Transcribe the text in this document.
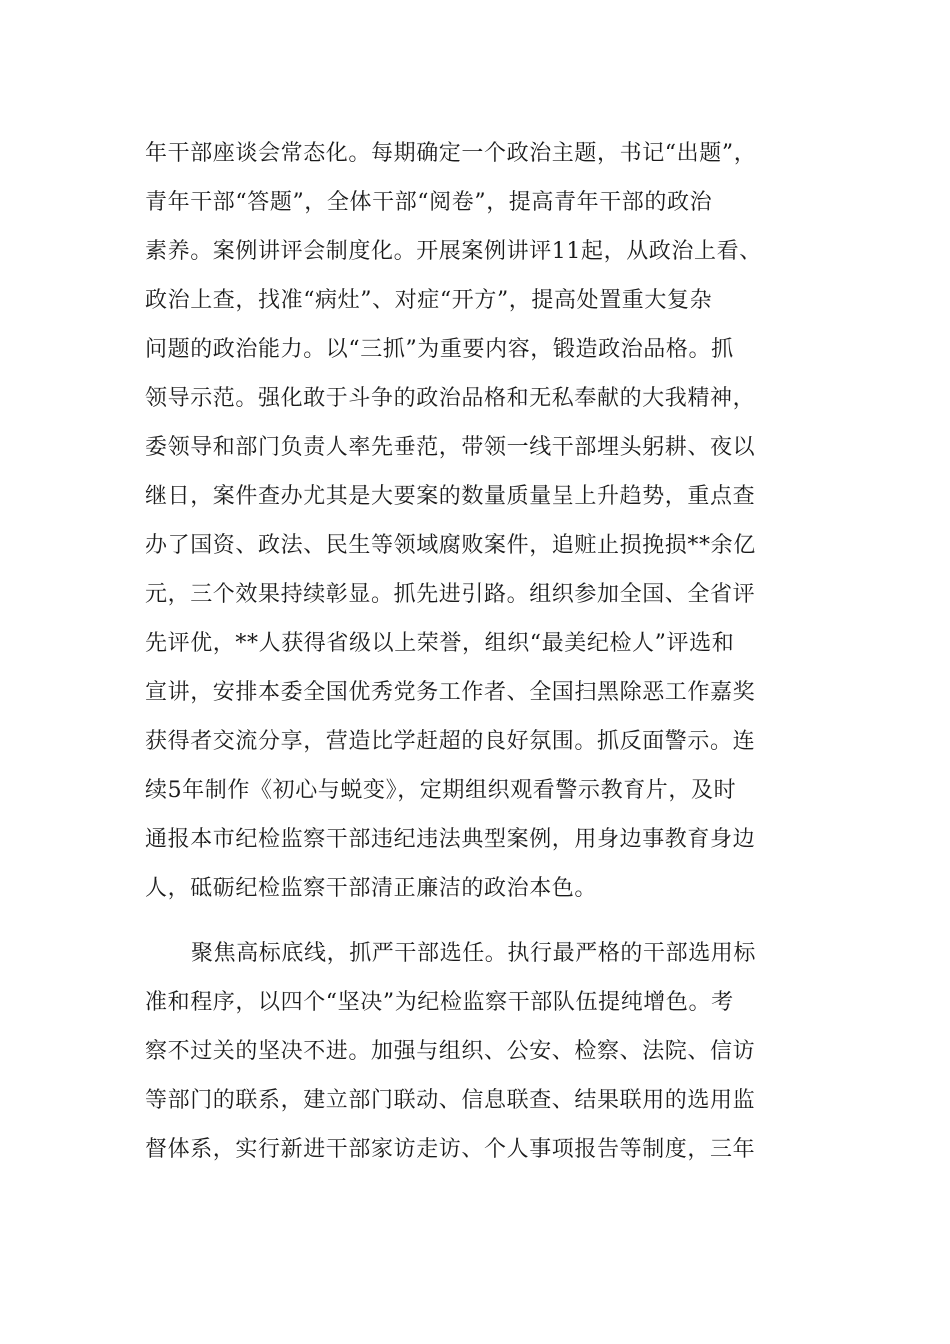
年干部座谈会常态化。每期确定一个政治主题，书记“出题”，
青年干部“答题”，全体干部“阅卷”，提高青年干部的政治
素养。案例讲评会制度化。开展案例讲评11起，从政治上看、
政治上查，找准“病灶”、对症“开方”，提高处置重大复杂
问题的政治能力。以“三抓”为重要内容，锻造政治品格。抓
领导示范。强化敢于斗争的政治品格和无私奉献的大我精神，
委领导和部门负责人率先垂范，带领一线干部埋头躬耕、夜以
继日，案件查办尤其是大要案的数量质量呈上升趋势，重点查
办了国资、政法、民生等领域腐败案件，追赃止损挽损**余亿
元，三个效果持续彰显。抓先进引路。组织参加全国、全省评
先评优，**人获得省级以上荣誉，组织“最美纪检人”评选和
宣讲，安排本委全国优秀党务工作者、全国扫黑除恶工作嘉奖
获得者交流分享，营造比学赶超的良好氛围。抓反面警示。连
续5年制作《初心与蜕变》，定期组织观看警示教育片，及时
通报本市纪检监察干部违纪违法典型案例，用身边事教育身边
人，砥砺纪检监察干部清正廉洁的政治本色。
聚焦高标底线，抓严干部选任。执行最严格的干部选用标
准和程序，以四个“坚决”为纪检监察干部队伍提纯增色。考
察不过关的坚决不进。加强与组织、公安、检察、法院、信访
等部门的联系，建立部门联动、信息联查、结果联用的选用监
督体系，实行新进干部家访走访、个人事项报告等制度，三年
